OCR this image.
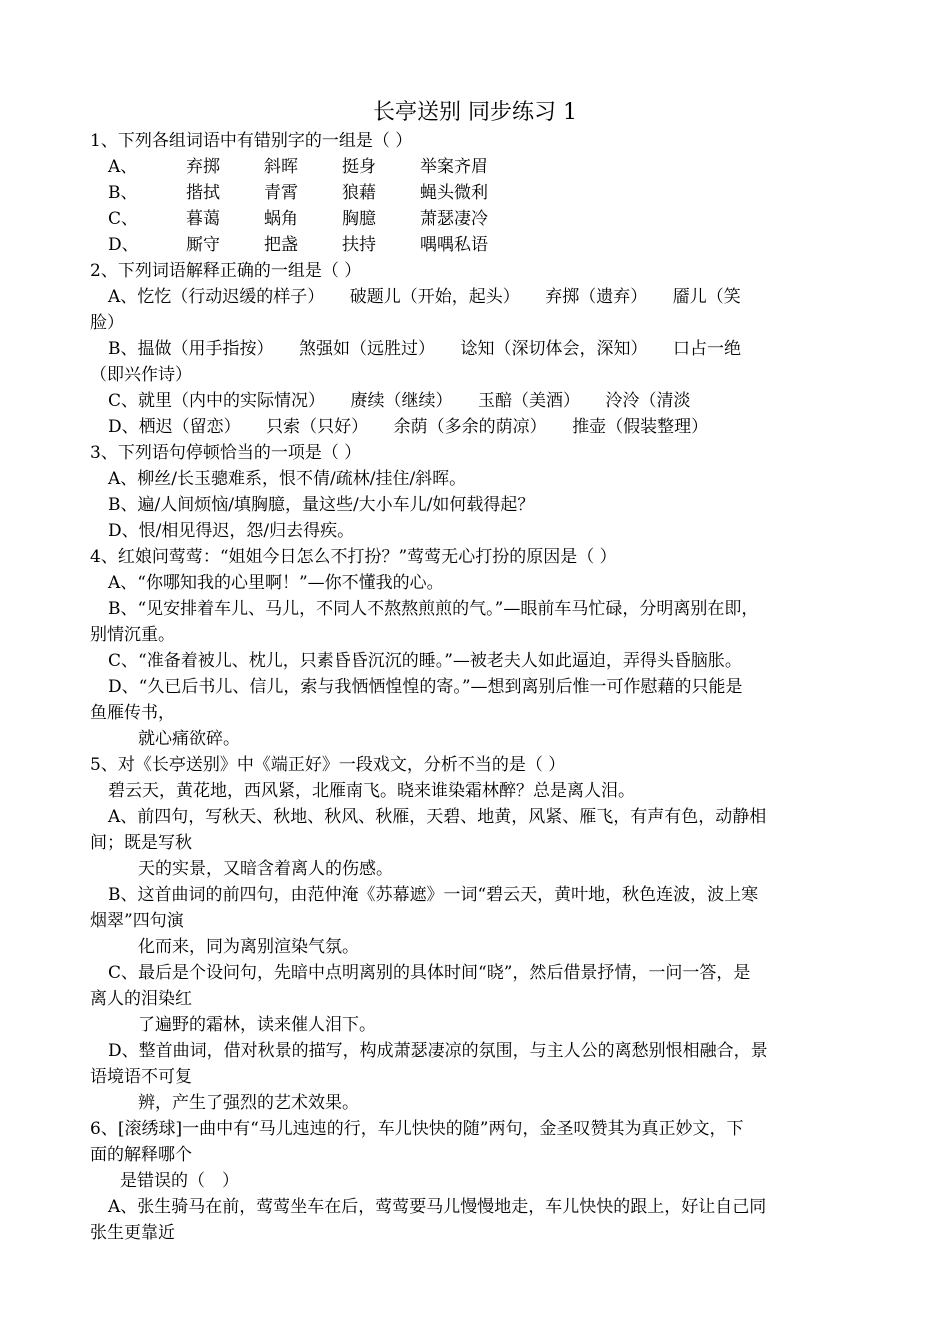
长亭送别 同步练习 1
1、下列各组词语中有错别字的一组是（ ）
A、	弃掷	斜晖	挺身	举案齐眉
B、	揩拭	青霄	狼藉	蝇头微利
C、	暮蔼	蜗角	胸臆	萧瑟凄冷
D、	厮守	把盏	扶持	喁喁私语
2、下列词语解释正确的一组是（ ）
A、忔忔（行动迟缓的样子）　　破题儿（开始，起头）　　弃掷（遗弃）　　靥儿（笑
脸）
B、揾做（用手指按）　　煞强如（远胜过）　　谂知（深切体会，深知）　　口占一绝
（即兴作诗）
C、就里（内中的实际情况）　　赓续（继续）　　玉醅（美酒）　　泠泠（清淡
D、栖迟（留恋）　　只索（只好）　　余荫（多余的荫凉）　　推壶（假装整理）
3、下列语句停顿恰当的一项是（ ）
A、柳丝/长玉骢难系，恨不倩/疏林/挂住/斜晖。
B、遍/人间烦恼/填胸臆，量这些/大小车儿/如何载得起？
D、恨/相见得迟，怨/归去得疾。
4、红娘问莺莺：“姐姐今日怎么不打扮？”莺莺无心打扮的原因是（ ）
A、“你哪知我的心里啊！”—你不懂我的心。
B、“见安排着车儿、马儿，不同人不熬熬煎煎的气。”—眼前车马忙碌，分明离别在即，
别情沉重。
C、“准备着被儿、枕儿，只素昏昏沉沉的睡。”—被老夫人如此逼迫，弄得头昏脑胀。
D、“久已后书儿、信儿，索与我恓恓惶惶的寄。”—想到离别后惟一可作慰藉的只能是
鱼雁传书，
就心痛欲碎。
5、对《长亭送别》中《端正好》一段戏文，分析不当的是（ ）
碧云天，黄花地，西风紧，北雁南飞。晓来谁染霜林醉？总是离人泪。
A、前四句，写秋天、秋地、秋风、秋雁，天碧、地黄，风紧、雁飞，有声有色，动静相
间；既是写秋
天的实景，又暗含着离人的伤感。
B、这首曲词的前四句，由范仲淹《苏幕遮》一词“碧云天，黄叶地，秋色连波，波上寒
烟翠”四句演
化而来，同为离别渲染气氛。
C、最后是个设问句，先暗中点明离别的具体时间“晓”，然后借景抒情，一问一答，是
离人的泪染红
了遍野的霜林，读来催人泪下。
D、整首曲词，借对秋景的描写，构成萧瑟凄凉的氛围，与主人公的离愁别恨相融合，景
语境语不可复
辨，产生了强烈的艺术效果。
6、[滚绣球]一曲中有“马儿迍迍的行，车儿快快的随”两句，金圣叹赞其为真正妙文，下
面的解释哪个
是错误的（　）
A、张生骑马在前，莺莺坐车在后，莺莺要马儿慢慢地走，车儿快快的跟上，好让自己同
张生更靠近
